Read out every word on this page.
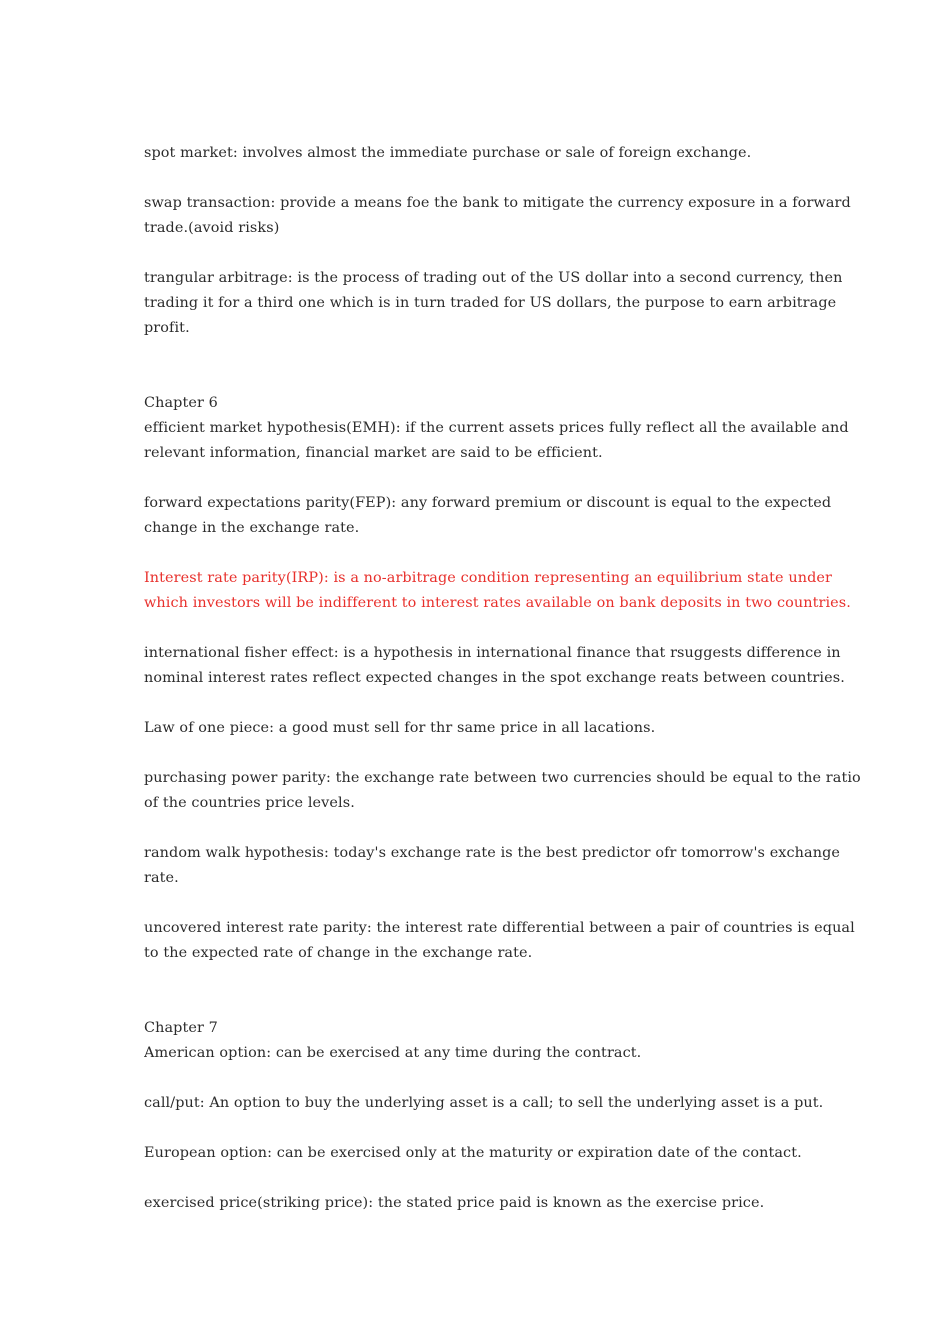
spot market: involves almost the immediate purchase or sale of foreign exchange.
swap transaction: provide a means foe the bank to mitigate the currency exposure in a forward
trade.(avoid risks)
trangular arbitrage: is the process of trading out of the US dollar into a second currency, then
trading it for a third one which is in turn traded for US dollars, the purpose to earn arbitrage
profit.
Chapter 6
efficient market hypothesis(EMH): if the current assets prices fully reflect all the available and
relevant information, financial market are said to be efficient.
forward expectations parity(FEP): any forward premium or discount is equal to the expected
change in the exchange rate.
Interest rate parity(IRP): is a no-arbitrage condition representing an equilibrium state under
which investors will be indifferent to interest rates available on bank deposits in two countries.
international fisher effect: is a hypothesis in international finance that rsuggests difference in
nominal interest rates reflect expected changes in the spot exchange reats between countries.
Law of one piece: a good must sell for thr same price in all lacations.
purchasing power parity: the exchange rate between two currencies should be equal to the ratio
of the countries price levels.
random walk hypothesis: today's exchange rate is the best predictor ofr tomorrow's exchange
rate.
uncovered interest rate parity: the interest rate differential between a pair of countries is equal
to the expected rate of change in the exchange rate.
Chapter 7
American option: can be exercised at any time during the contract.
call/put: An option to buy the underlying asset is a call; to sell the underlying asset is a put.
European option: can be exercised only at the maturity or expiration date of the contact.
exercised price(striking price): the stated price paid is known as the exercise price.
